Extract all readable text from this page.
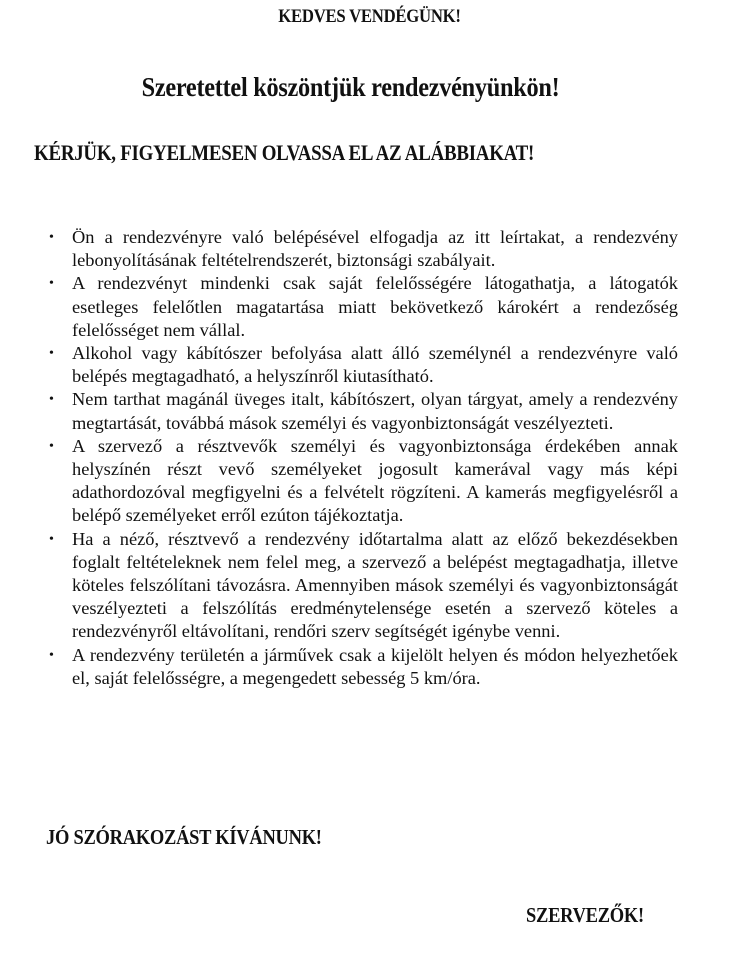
KEDVES VENDÉGÜNK!
Szeretettel köszöntjük rendezvényünkön!
KÉRJÜK, FIGYELMESEN OLVASSA EL AZ ALÁBBIAKAT!
• Ön a rendezvényre való belépésével elfogadja az itt leírtakat, a rendezvény lebonyolításának feltételrendszerét, biztonsági szabályait.
• A rendezvényt mindenki csak saját felelősségére látogathatja, a látogatók esetleges felelőtlen magatartása miatt bekövetkező károkért a rendezőség felelősséget nem vállal.
• Alkohol vagy kábítószer befolyása alatt álló személynél a rendezvényre való belépés megtagadható, a helyszínről kiutasítható.
• Nem tarthat magánál üveges italt, kábítószert, olyan tárgyat, amely a rendezvény megtartását, továbbá mások személyi és vagyonbiztonságát veszélyezteti.
• A szervező a résztvevők személyi és vagyonbiztonsága érdekében annak helyszínén részt vevő személyeket jogosult kamerával vagy más képi adathordozóval megfigyelni és a felvételt rögzíteni. A kamerás megfigyelésről a belépő személyeket erről ezúton tájékoztatja.
• Ha a néző, résztvevő a rendezvény időtartalma alatt az előző bekezdésekben foglalt feltételeknek nem felel meg, a szervező a belépést megtagadhatja, illetve köteles felszólítani távozásra. Amennyiben mások személyi és vagyonbiztonságát veszélyezteti a felszólítás eredménytelensége esetén a szervező köteles a rendezvényről eltávolítani, rendőri szerv segítségét igénybe venni.
• A rendezvény területén a járművek csak a kijelölt helyen és módon helyezhetőek el, saját felelősségre, a megengedett sebesség 5 km/óra.
JÓ SZÓRAKOZÁST KÍVÁNUNK!
SZERVEZŐK!
